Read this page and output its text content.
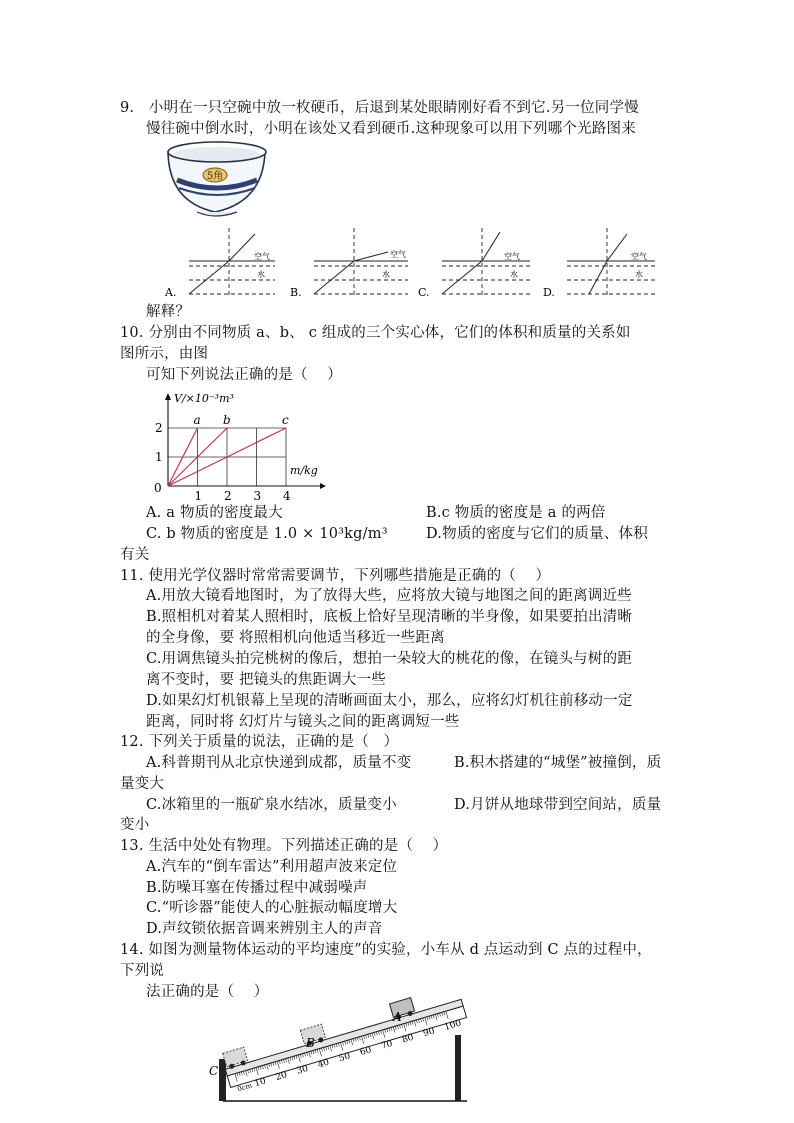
9.　小明在一只空碗中放一枚硬币，后退到某处眼睛刚好看不到它.另一位同学慢
慢往碗中倒水时，小明在该处又看到硬币.这种现象可以用下列哪个光路图来
5角
空气
水
A.
空气
水
B.
空气
水
C.
空气
水
D.
解释？
10. 分别由不同物质 a、b、 c 组成的三个实心体，它们的体积和质量的关系如
图所示，由图
可知下列说法正确的是（　 ）
1 2 3 4
1
2
a b	c
V/×10⁻³m³
m/kg
0
A. a 物质的密度最大	B.c 物质的密度是 a 的两倍
C. b 物质的密度是 1.0 × 10³kg/m³	D.物质的密度与它们的质量、体积
有关
11. 使用光学仪器时常常需要调节，下列哪些措施是正确的（　 ）
A.用放大镜看地图时，为了放得大些，应将放大镜与地图之间的距离调近些
B.照相机对着某人照相时，底板上恰好呈现清晰的半身像，如果要拍出清晰
的全身像，要 将照相机向他适当移近一些距离
C.用调焦镜头拍完桃树的像后，想拍一朵较大的桃花的像，在镜头与树的距
离不变时，要 把镜头的焦距调大一些
D.如果幻灯机银幕上呈现的清晰画面太小，那么，应将幻灯机往前移动一定
距离，同时将 幻灯片与镜头之间的距离调短一些
12. 下列关于质量的说法，正确的是（　）
A.科普期刊从北京快递到成都，质量不变	B.积木搭建的“城堡”被撞倒，质
量变大
C.冰箱里的一瓶矿泉水结冰，质量变小	D.月饼从地球带到空间站，质量
变小
13. 生活中处处有物理。下列描述正确的是（　 ）
A.汽车的“倒车雷达”利用超声波来定位
B.防噪耳塞在传播过程中减弱噪声
C.“听诊器”能使人的心脏振动幅度增大
D.声纹锁依据音调来辨别主人的声音
14. 如图为测量物体运动的平均速度”的实验，小车从 d 点运动到 C 点的过程中，
下列说
法正确的是（　 ）
0cm 10 20 30 40 50 60 70 80 90 100
C
B
A
